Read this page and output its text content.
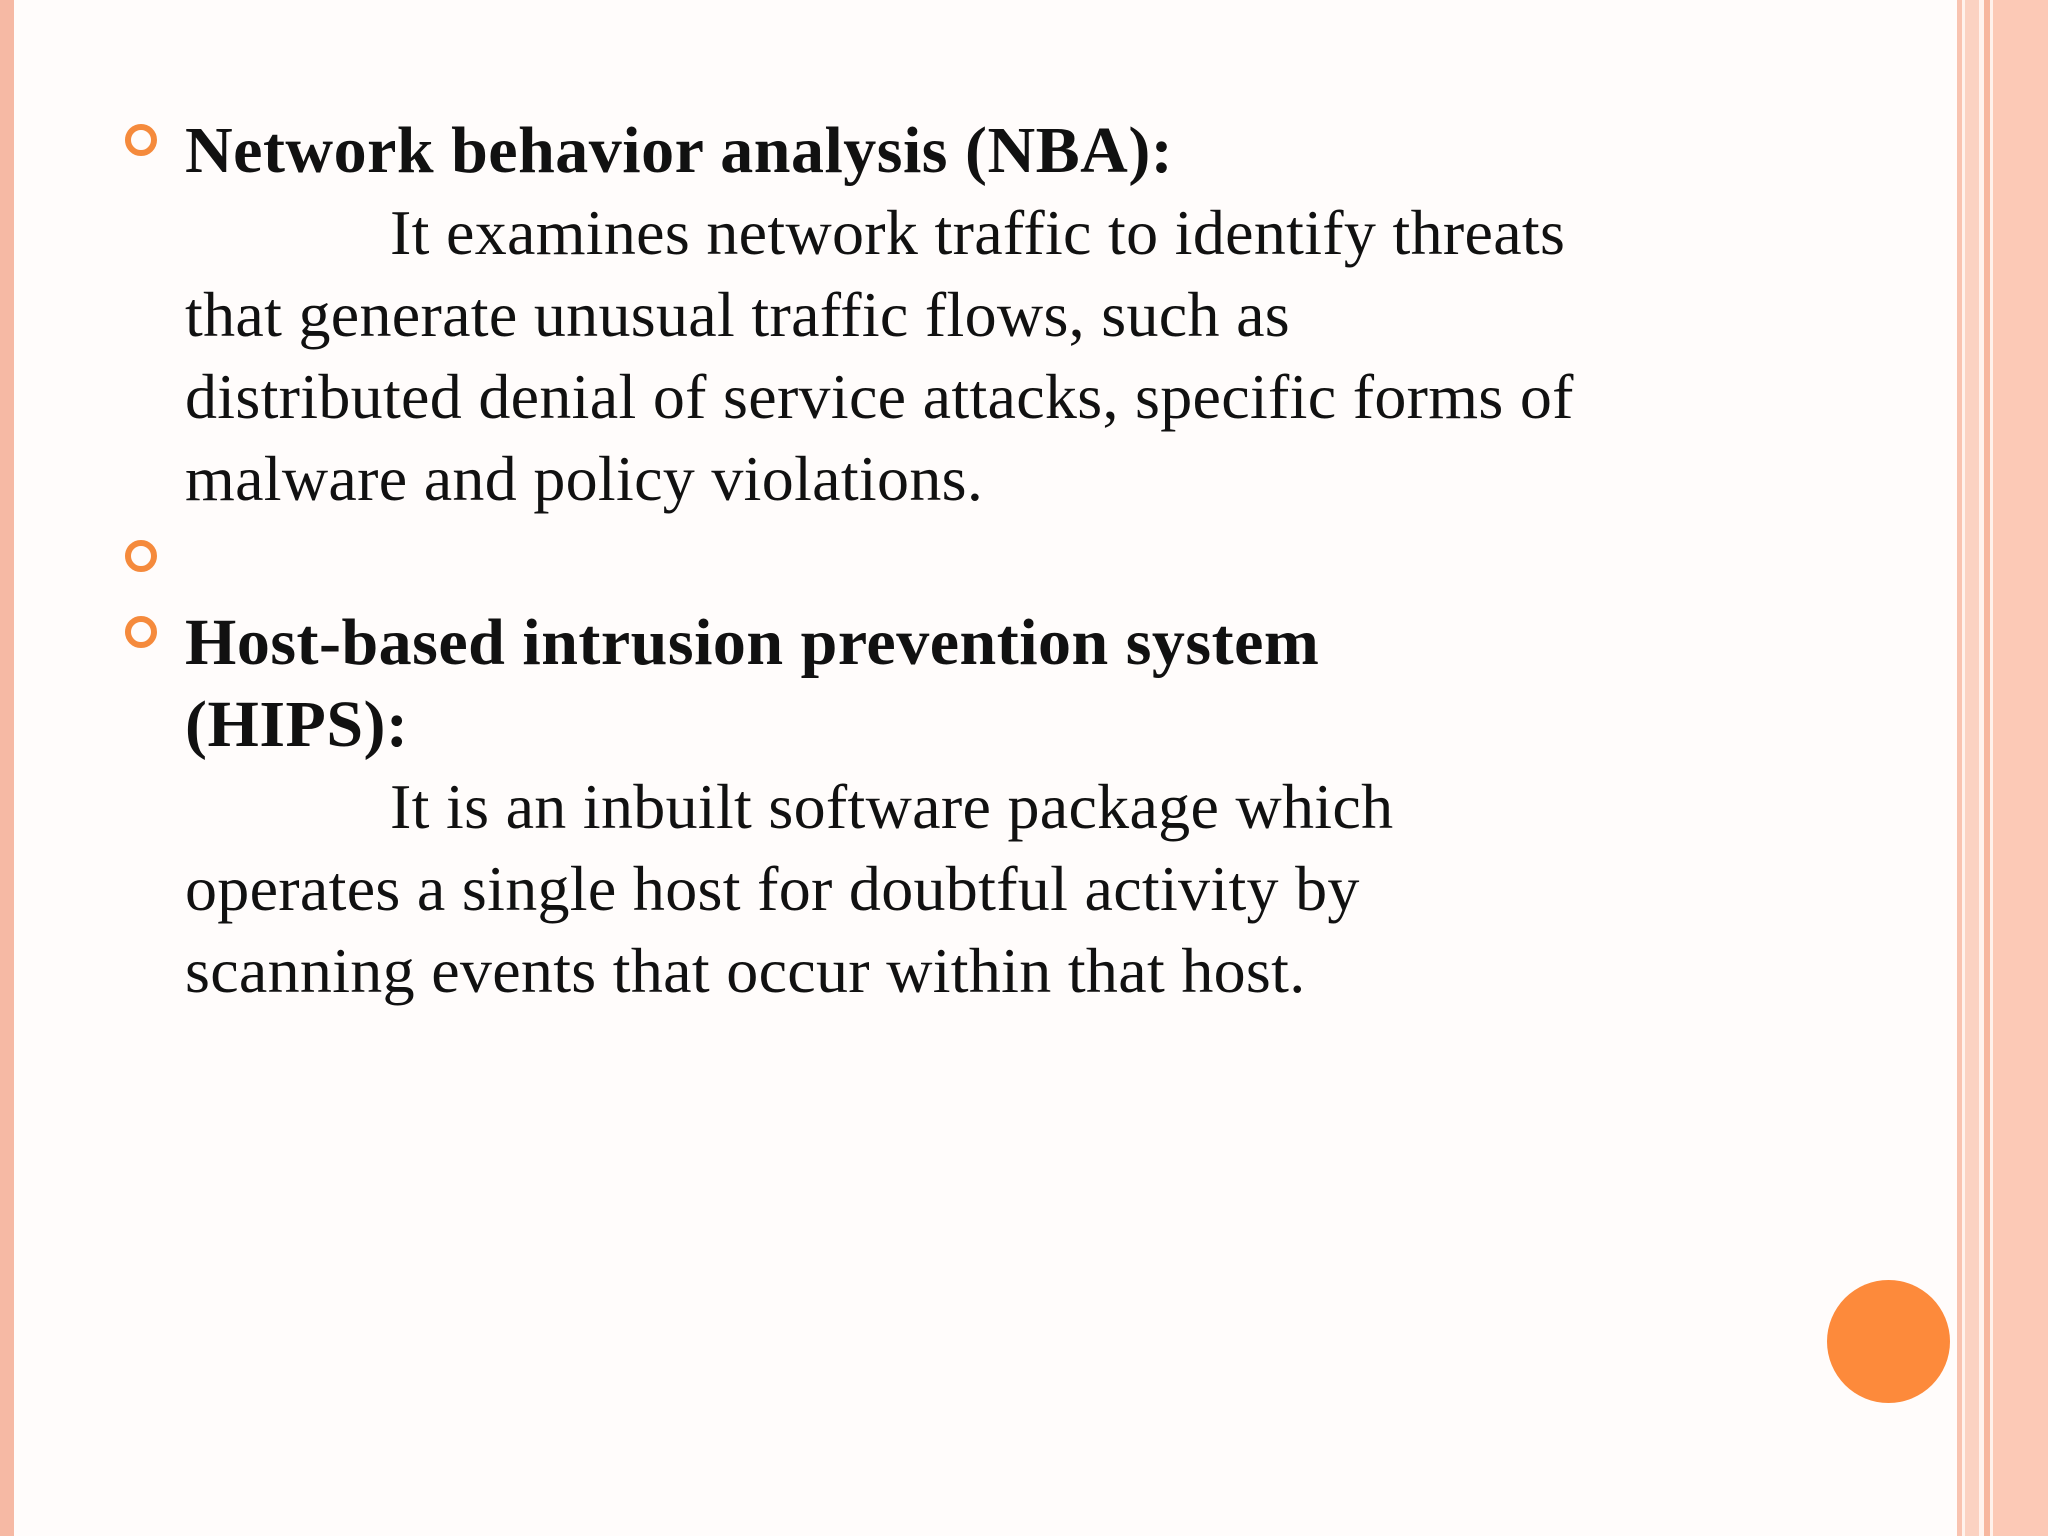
Network behavior analysis (NBA):

It examines network traffic to identify threats
that generate unusual traffic flows, such as
distributed denial of service attacks, specific forms of
malware and policy violations.

Host-based intrusion prevention system
(HIPS):

It is an inbuilt software package which
operates a single host for doubtful activity by
scanning events that occur within that host.
